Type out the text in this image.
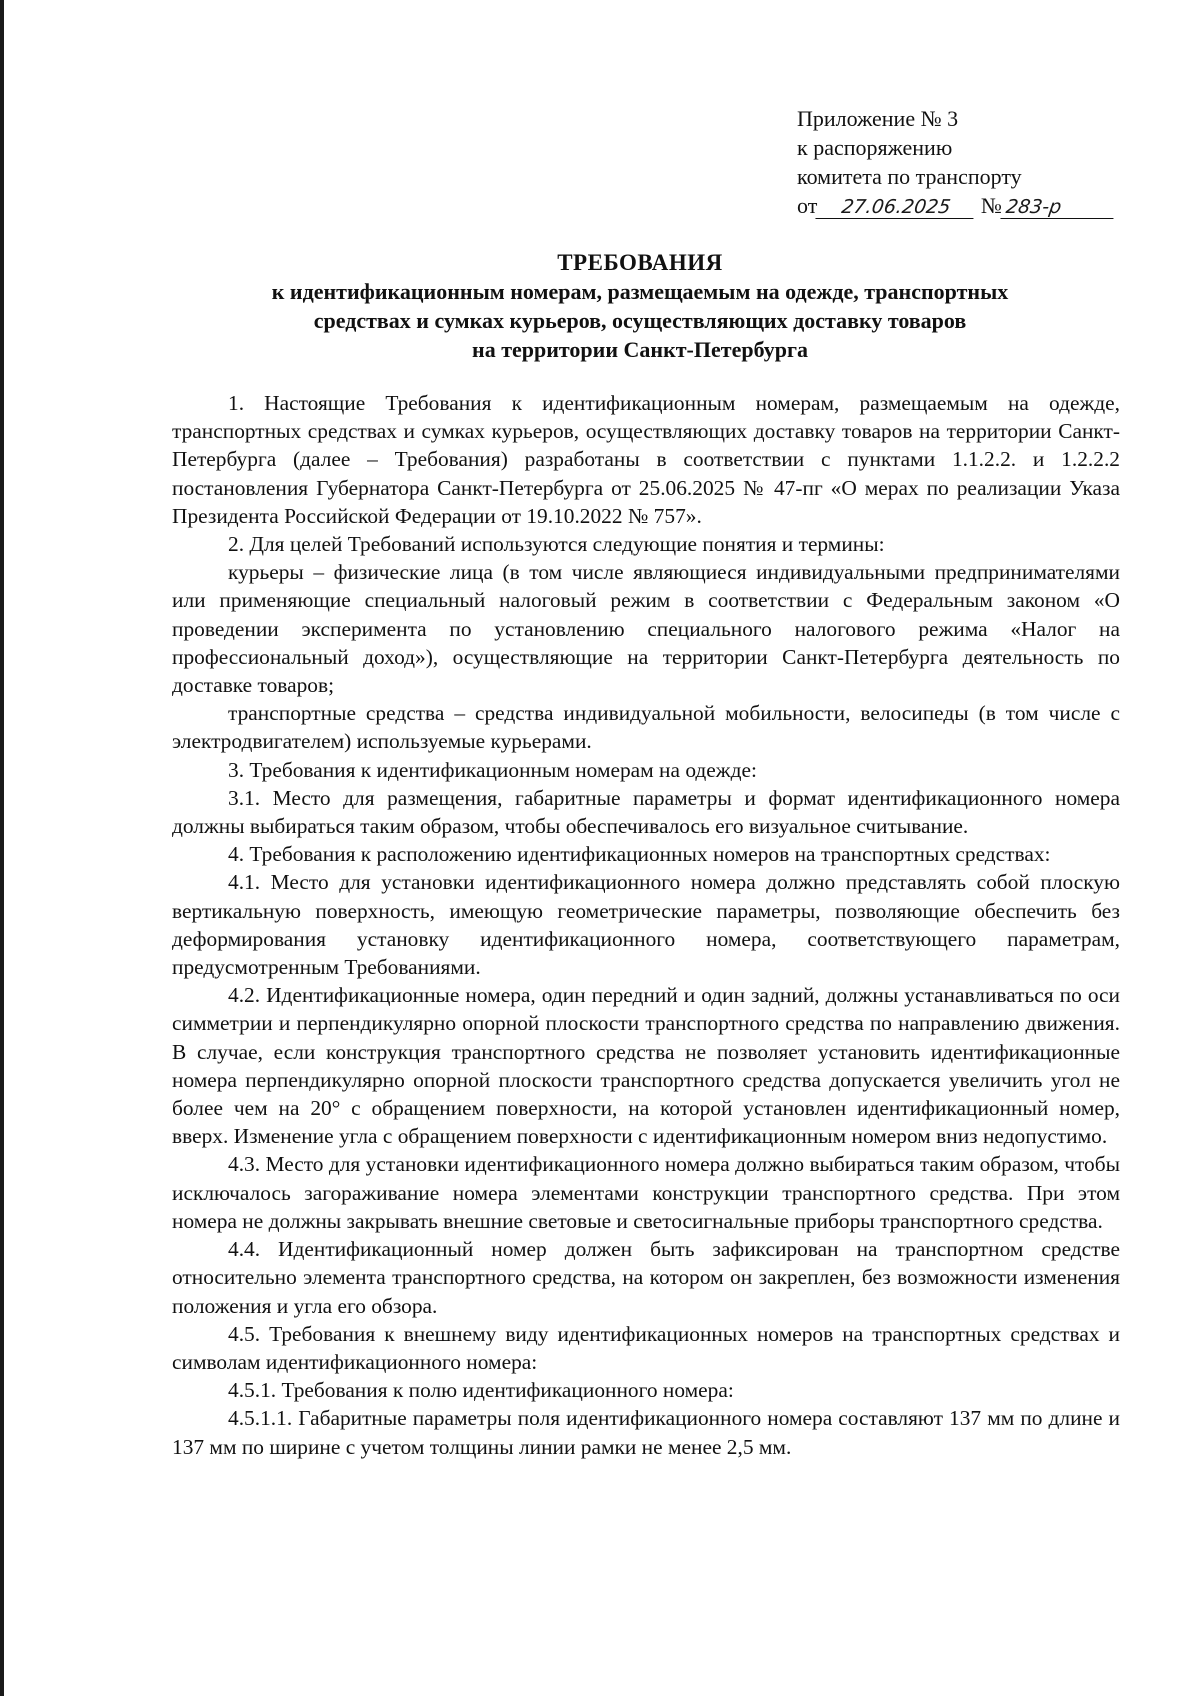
Приложение № 3
к распоряжению
комитета по транспорту
от 27.06.2025 № 283-р
ТРЕБОВАНИЯ
к идентификационным номерам, размещаемым на одежде, транспортных
средствах и сумках курьеров, осуществляющих доставку товаров
на территории Санкт-Петербурга

1. Настоящие Требования к идентификационным номерам, размещаемым на одежде, транспортных средствах и сумках курьеров, осуществляющих доставку товаров на территории Санкт-Петербурга (далее – Требования) разработаны в соответствии с пунктами 1.1.2.2. и 1.2.2.2 постановления Губернатора Санкт-Петербурга от 25.06.2025 № 47-пг «О мерах по реализации Указа Президента Российской Федерации от 19.10.2022 № 757».

2. Для целей Требований используются следующие понятия и термины:

курьеры – физические лица (в том числе являющиеся индивидуальными предпринимателями или применяющие специальный налоговый режим в соответствии с Федеральным законом «О проведении эксперимента по установлению специального налогового режима «Налог на профессиональный доход»), осуществляющие на территории Санкт-Петербурга деятельность по доставке товаров;

транспортные средства – средства индивидуальной мобильности, велосипеды (в том числе с электродвигателем) используемые курьерами.

3. Требования к идентификационным номерам на одежде:

3.1. Место для размещения, габаритные параметры и формат идентификационного номера должны выбираться таким образом, чтобы обеспечивалось его визуальное считывание.

4. Требования к расположению идентификационных номеров на транспортных средствах:

4.1. Место для установки идентификационного номера должно представлять собой плоскую вертикальную поверхность, имеющую геометрические параметры, позволяющие обеспечить без деформирования установку идентификационного номера, соответствующего параметрам, предусмотренным Требованиями.

4.2. Идентификационные номера, один передний и один задний, должны устанавливаться по оси симметрии и перпендикулярно опорной плоскости транспортного средства по направлению движения. В случае, если конструкция транспортного средства не позволяет установить идентификационные номера перпендикулярно опорной плоскости транспортного средства допускается увеличить угол не более чем на 20° с обращением поверхности, на которой установлен идентификационный номер, вверх. Изменение угла с обращением поверхности с идентификационным номером вниз недопустимо.

4.3. Место для установки идентификационного номера должно выбираться таким образом, чтобы исключалось загораживание номера элементами конструкции транспортного средства. При этом номера не должны закрывать внешние световые и светосигнальные приборы транспортного средства.

4.4. Идентификационный номер должен быть зафиксирован на транспортном средстве относительно элемента транспортного средства, на котором он закреплен, без возможности изменения положения и угла его обзора.

4.5. Требования к внешнему виду идентификационных номеров на транспортных средствах и символам идентификационного номера:

4.5.1. Требования к полю идентификационного номера:

4.5.1.1. Габаритные параметры поля идентификационного номера составляют 137 мм по длине и 137 мм по ширине с учетом толщины линии рамки не менее 2,5 мм.
